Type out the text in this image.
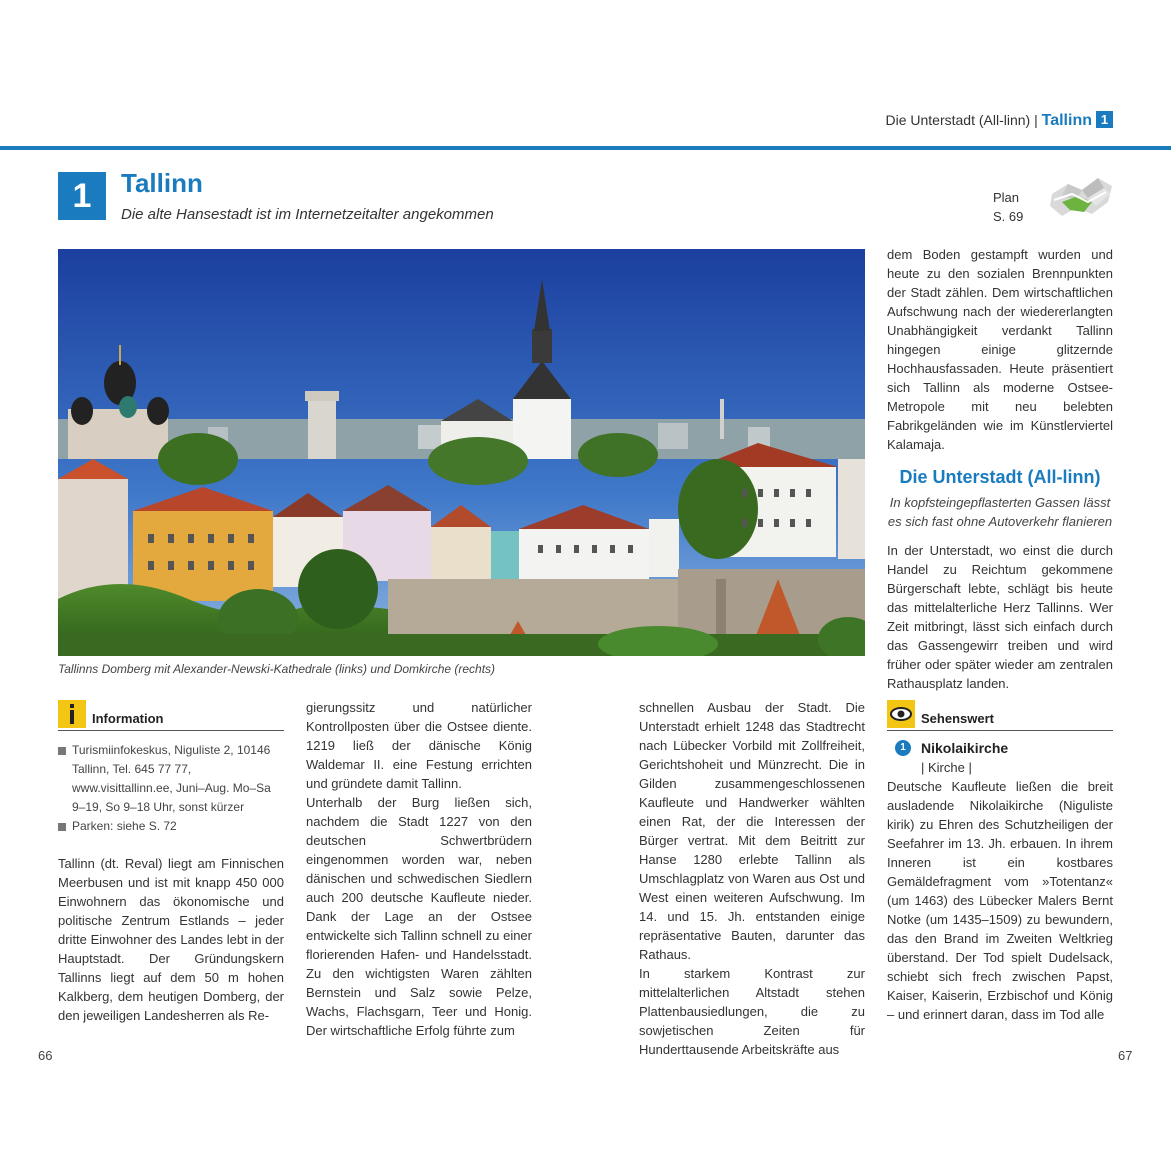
Die Unterstadt (All-linn) | Tallinn 1
1	Tallinn
Die alte Hansestadt ist im Internetzeitalter angekommen
Plan
S. 69
Tallinns Domberg mit Alexander-Newski-Kathedrale (links) und Domkirche (rechts)
Information
Turismiinfokeskus, Niguliste 2, 10146 Tallinn, Tel. 645 77 77, www.visittallinn.ee, Juni–Aug. Mo–Sa 9–19, So 9–18 Uhr, sonst kürzer
Parken: siehe S. 72

Tallinn (dt. Reval) liegt am Finnischen Meerbusen und ist mit knapp 450 000 Einwohnern das ökonomische und politische Zentrum Estlands – jeder dritte Einwohner des Landes lebt in der Hauptstadt. Der Gründungskern Tallinns liegt auf dem 50 m hohen Kalkberg, dem heutigen Domberg, der den jeweiligen Landesherren als Re-

gierungssitz und natürlicher Kontrollposten über die Ostsee diente. 1219 ließ der dänische König Waldemar II. eine Festung errichten und gründete damit Tallinn.

Unterhalb der Burg ließen sich, nachdem die Stadt 1227 von den deutschen Schwertbrüdern eingenommen worden war, neben dänischen und schwedischen Siedlern auch 200 deutsche Kaufleute nieder. Dank der Lage an der Ostsee entwickelte sich Tallinn schnell zu einer florierenden Hafen- und Handelsstadt. Zu den wichtigsten Waren zählten Bernstein und Salz sowie Pelze, Wachs, Flachsgarn, Teer und Honig. Der wirtschaftliche Erfolg führte zum

schnellen Ausbau der Stadt. Die Unterstadt erhielt 1248 das Stadtrecht nach Lübecker Vorbild mit Zollfreiheit, Gerichtshoheit und Münzrecht. Die in Gilden zusammengeschlossenen Kaufleute und Handwerker wählten einen Rat, der die Interessen der Bürger vertrat. Mit dem Beitritt zur Hanse 1280 erlebte Tallinn als Umschlagplatz von Waren aus Ost und West einen weiteren Aufschwung. Im 14. und 15. Jh. entstanden einige repräsentative Bauten, darunter das Rathaus.

In starkem Kontrast zur mittelalterlichen Altstadt stehen Plattenbausiedlungen, die zu sowjetischen Zeiten für Hunderttausende Arbeitskräfte aus

dem Boden gestampft wurden und heute zu den sozialen Brennpunkten der Stadt zählen. Dem wirtschaftlichen Aufschwung nach der wiedererlangten Unabhängigkeit verdankt Tallinn hingegen einige glitzernde Hochhausfassaden. Heute präsentiert sich Tallinn als moderne Ostsee-Metropole mit neu belebten Fabrikgeländen wie im Künstlerviertel Kalamaja.

Die Unterstadt (All-linn)
In kopfsteingepflasterten Gassen lässt es sich fast ohne Autoverkehr flanieren

In der Unterstadt, wo einst die durch Handel zu Reichtum gekommene Bürgerschaft lebte, schlägt bis heute das mittelalterliche Herz Tallinns. Wer Zeit mitbringt, lässt sich einfach durch das Gassengewirr treiben und wird früher oder später wieder am zentralen Rathausplatz landen.

Sehenswert
1	Nikolaikirche
| Kirche |

Deutsche Kaufleute ließen die breit ausladende Nikolaikirche (Niguliste kirik) zu Ehren des Schutzheiligen der Seefahrer im 13. Jh. erbauen. In ihrem Inneren ist ein kostbares Gemäldefragment vom »Totentanz« (um 1463) des Lübecker Malers Bernt Notke (um 1435–1509) zu bewundern, das den Brand im Zweiten Weltkrieg überstand. Der Tod spielt Dudelsack, schiebt sich frech zwischen Papst, Kaiser, Kaiserin, Erzbischof und König – und erinnert daran, dass im Tod alle

66	67
